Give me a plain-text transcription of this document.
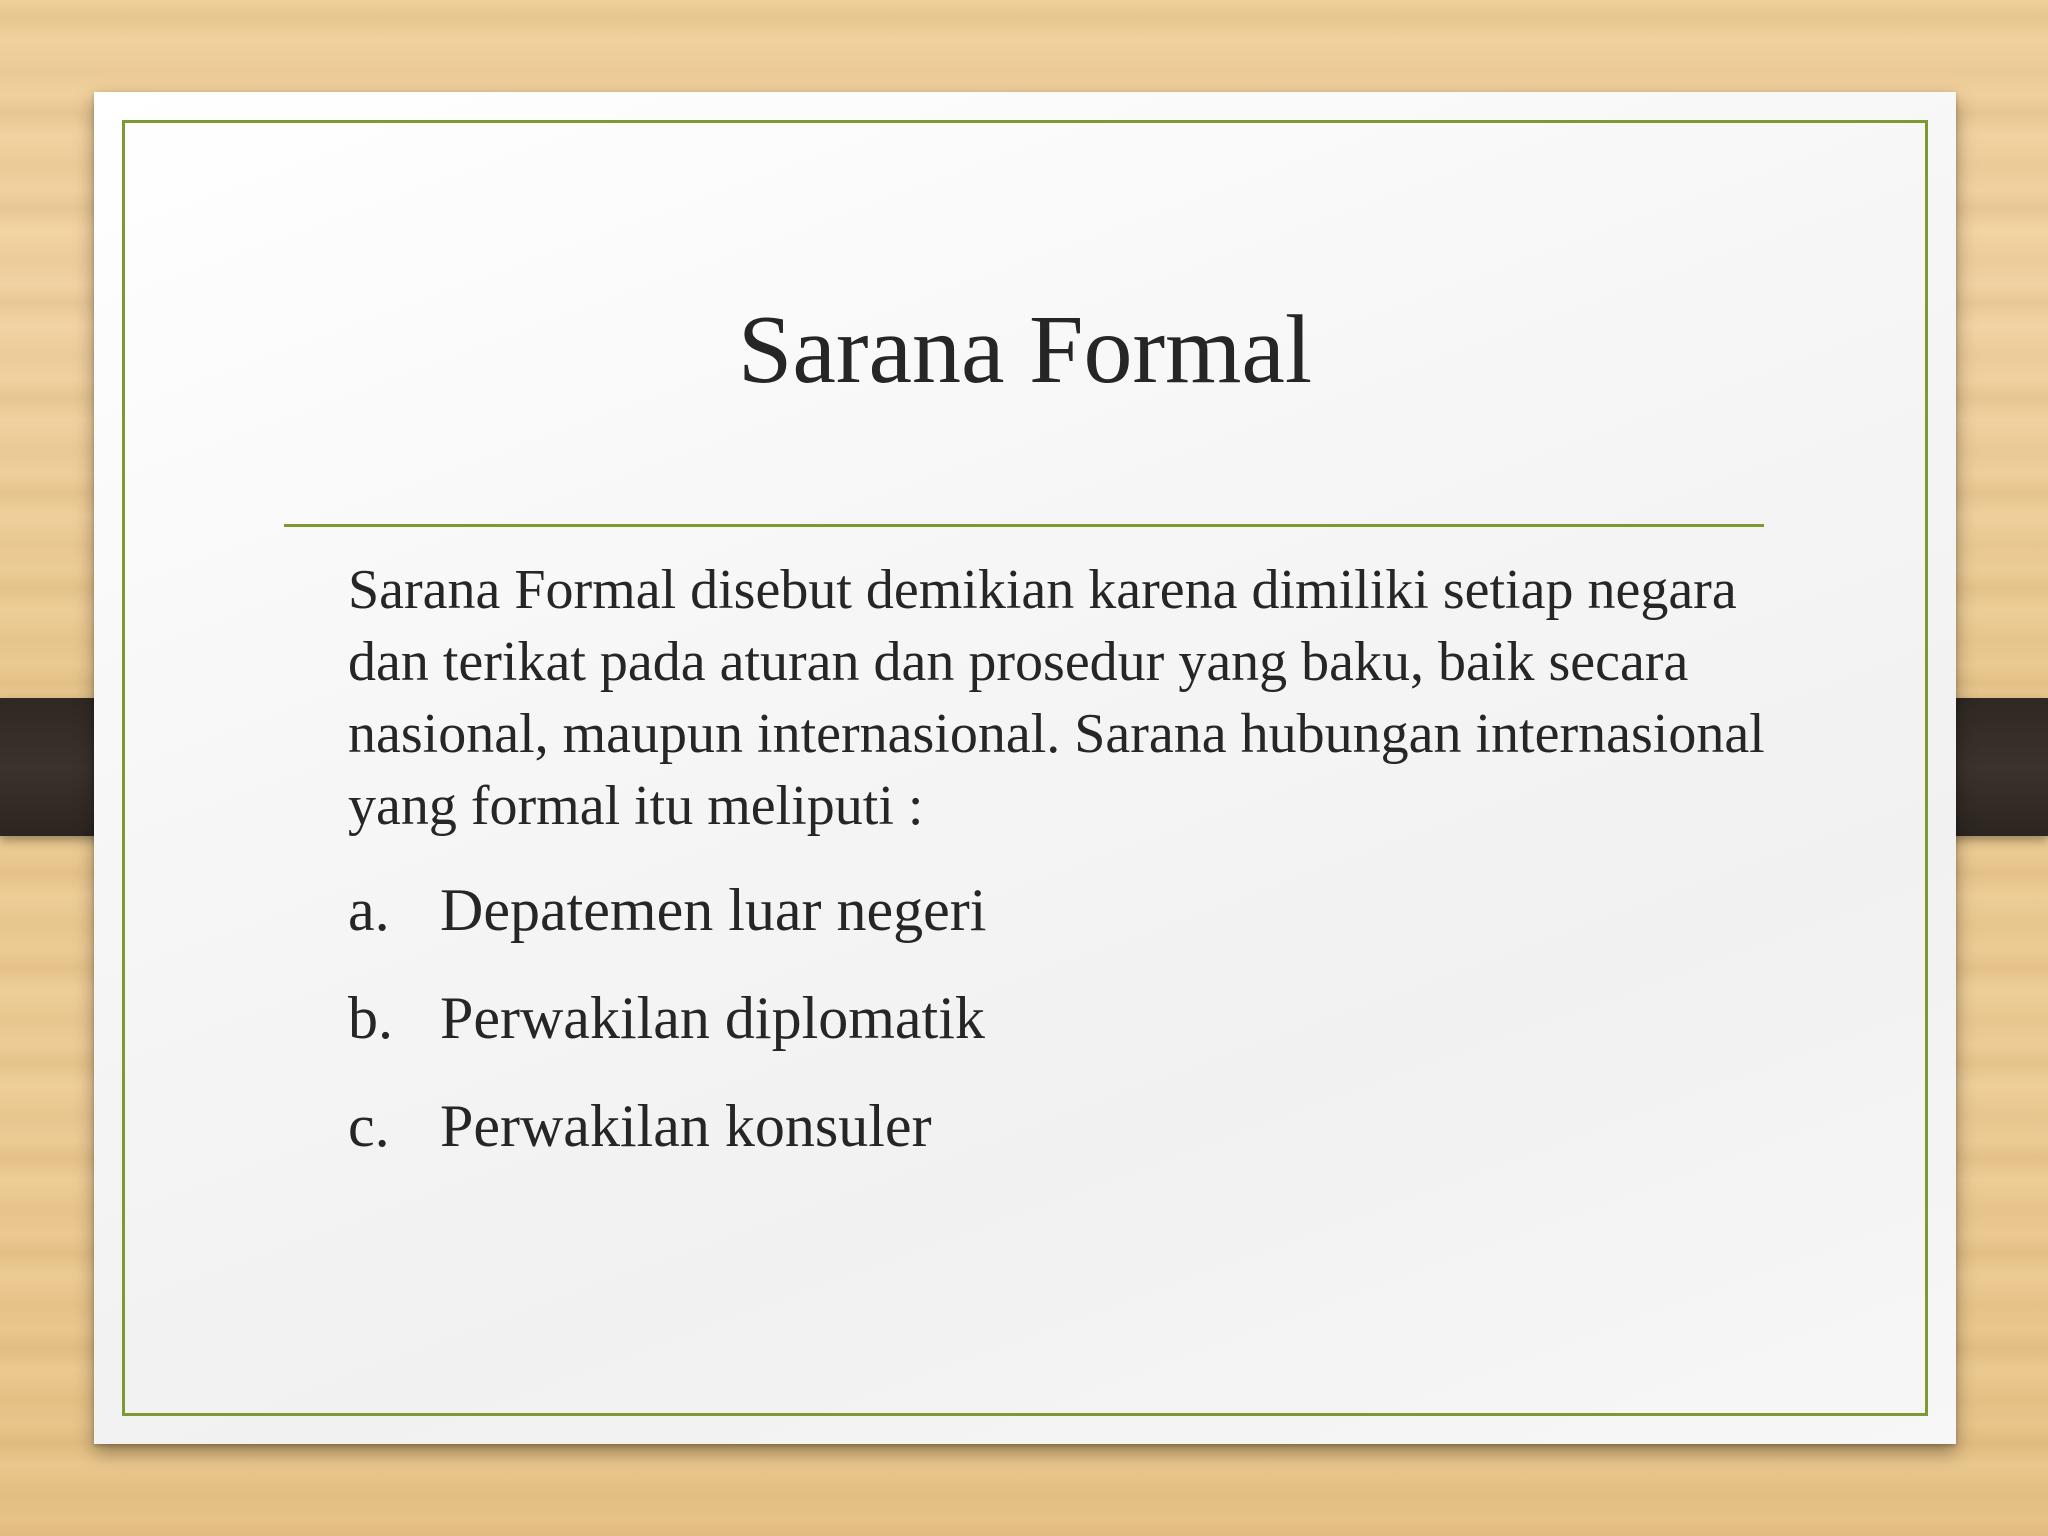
Sarana Formal

Sarana Formal disebut demikian karena dimiliki setiap negara dan terikat pada aturan dan prosedur yang baku, baik secara nasional, maupun internasional. Sarana hubungan internasional yang formal itu meliputi :

a. Depatemen luar negeri
b. Perwakilan diplomatik
c. Perwakilan konsuler
